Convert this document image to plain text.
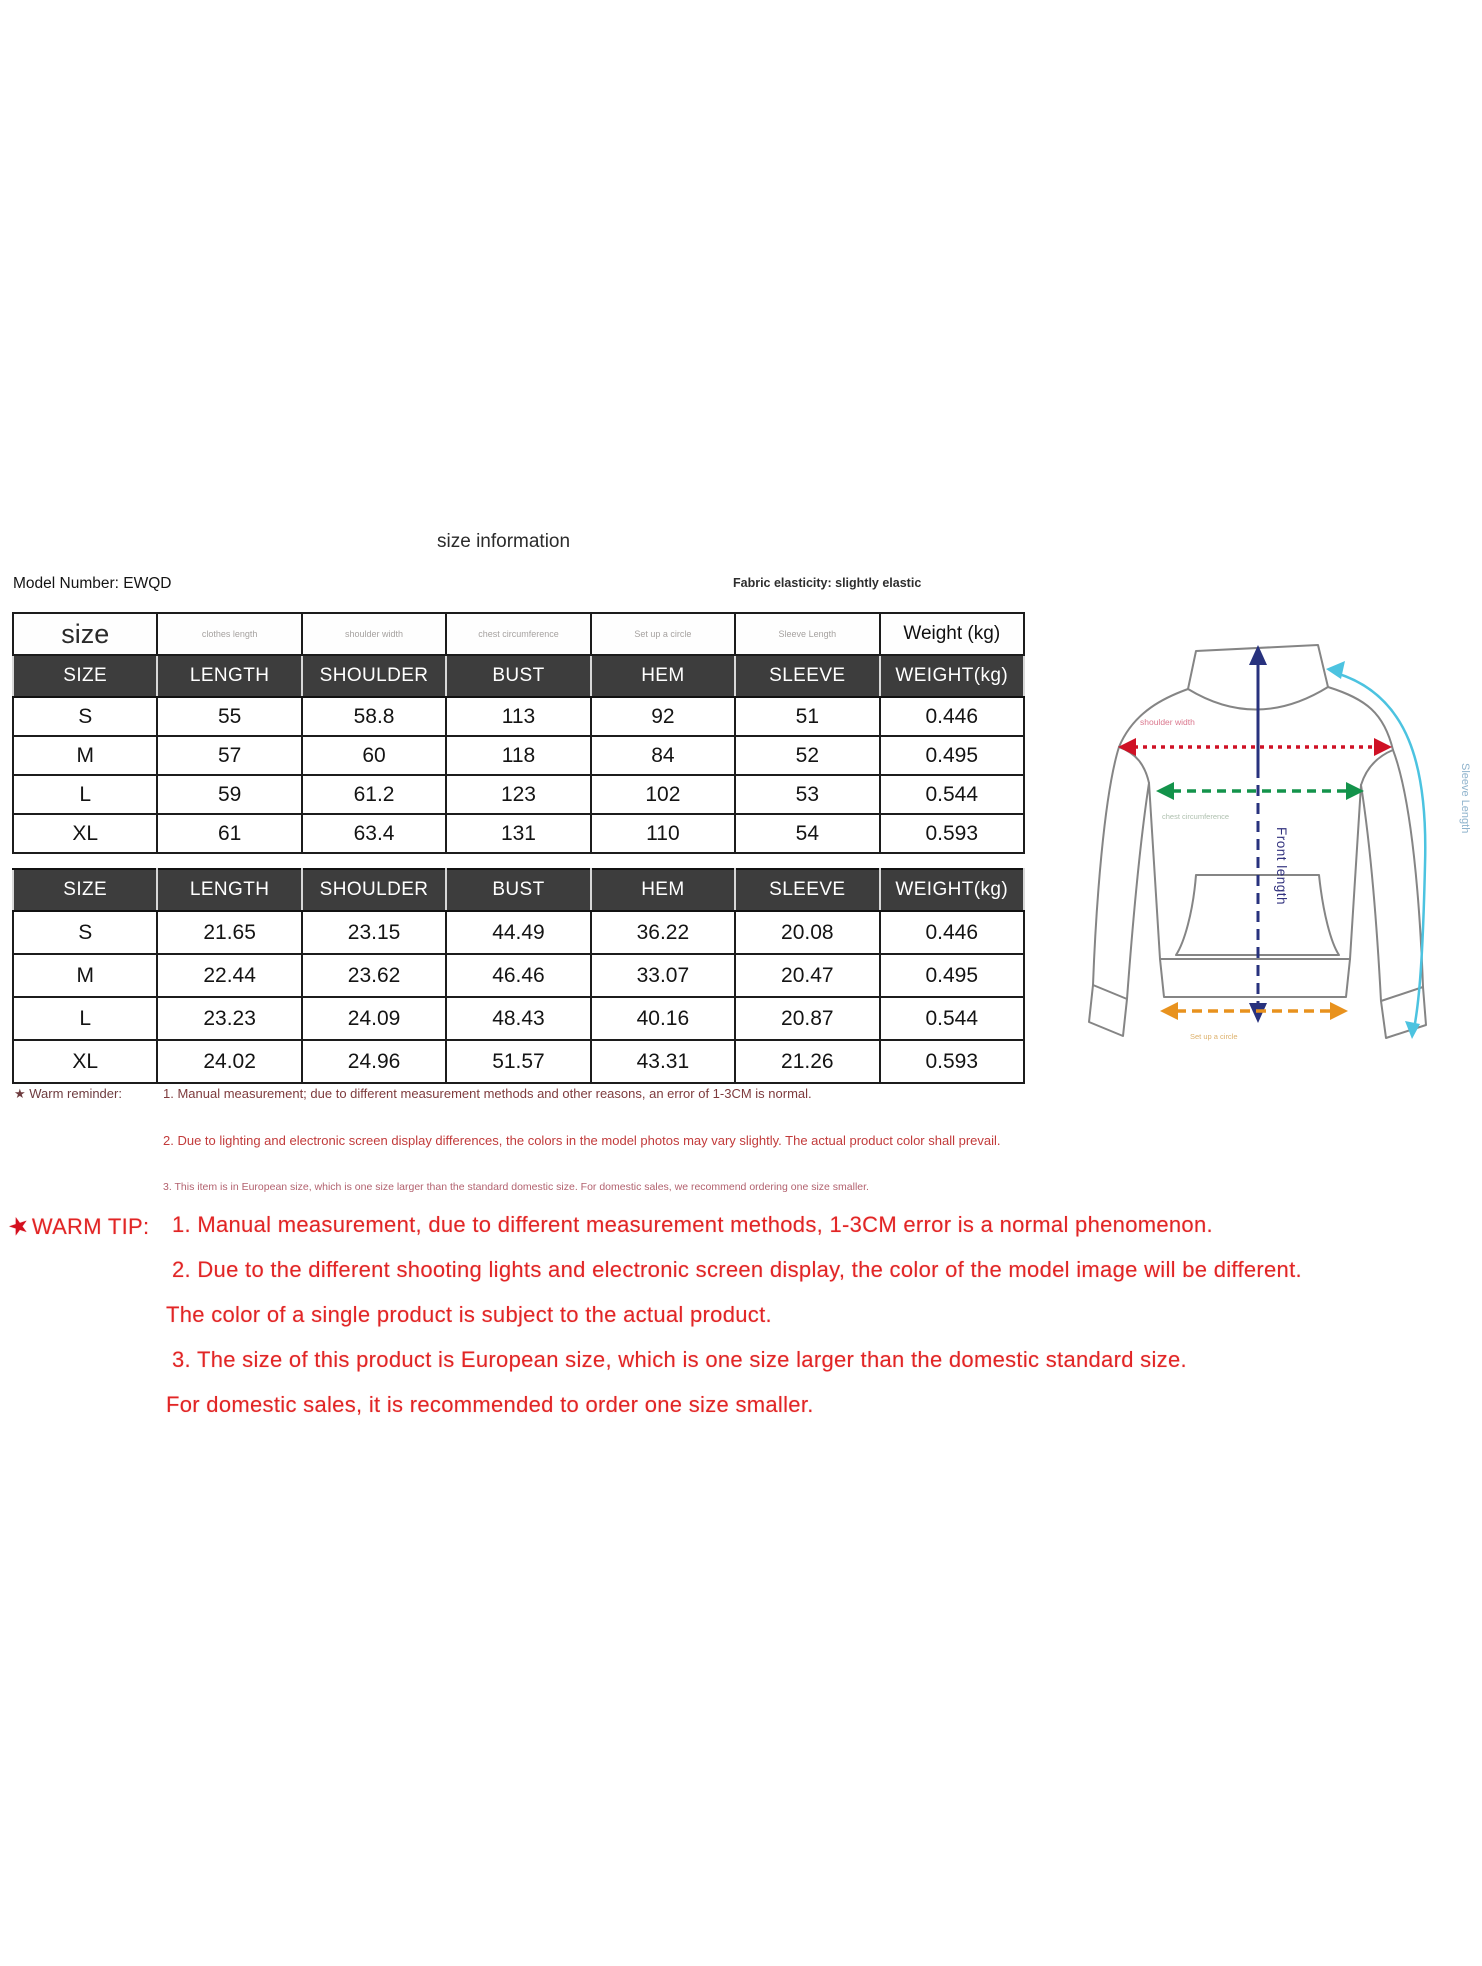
size information
Model Number: EWQD	Fabric elasticity: slightly elastic
size	clothes length	shoulder width	chest circumference	Set up a circle	Sleeve Length	Weight (kg)
SIZE	LENGTH	SHOULDER	BUST	HEM	SLEEVE	WEIGHT(kg)
S	55	58.8	113	92	51	0.446
M	57	60	118	84	52	0.495
L	59	61.2	123	102	53	0.544
XL	61	63.4	131	110	54	0.593
SIZE	LENGTH	SHOULDER	BUST	HEM	SLEEVE	WEIGHT(kg)
S	21.65	23.15	44.49	36.22	20.08	0.446
M	22.44	23.62	46.46	33.07	20.47	0.495
L	23.23	24.09	48.43	40.16	20.87	0.544
XL	24.02	24.96	51.57	43.31	21.26	0.593
★ Warm reminder:	1. Manual measurement; due to different measurement methods and other reasons, an error of 1-3CM is normal.
2. Due to lighting and electronic screen display differences, the colors in the model photos may vary slightly. The actual product color shall prevail.
3. This item is in European size, which is one size larger than the standard domestic size. For domestic sales, we recommend ordering one size smaller.
★WARM TIP: 1. Manual measurement, due to different measurement methods, 1-3CM error is a normal phenomenon.
2. Due to the different shooting lights and electronic screen display, the color of the model image will be different.
The color of a single product is subject to the actual product.
3. The size of this product is European size, which is one size larger than the domestic standard size.
For domestic sales, it is recommended to order one size smaller.
shoulder width
chest circumference
Set up a circle
Front length
Sleeve Length
